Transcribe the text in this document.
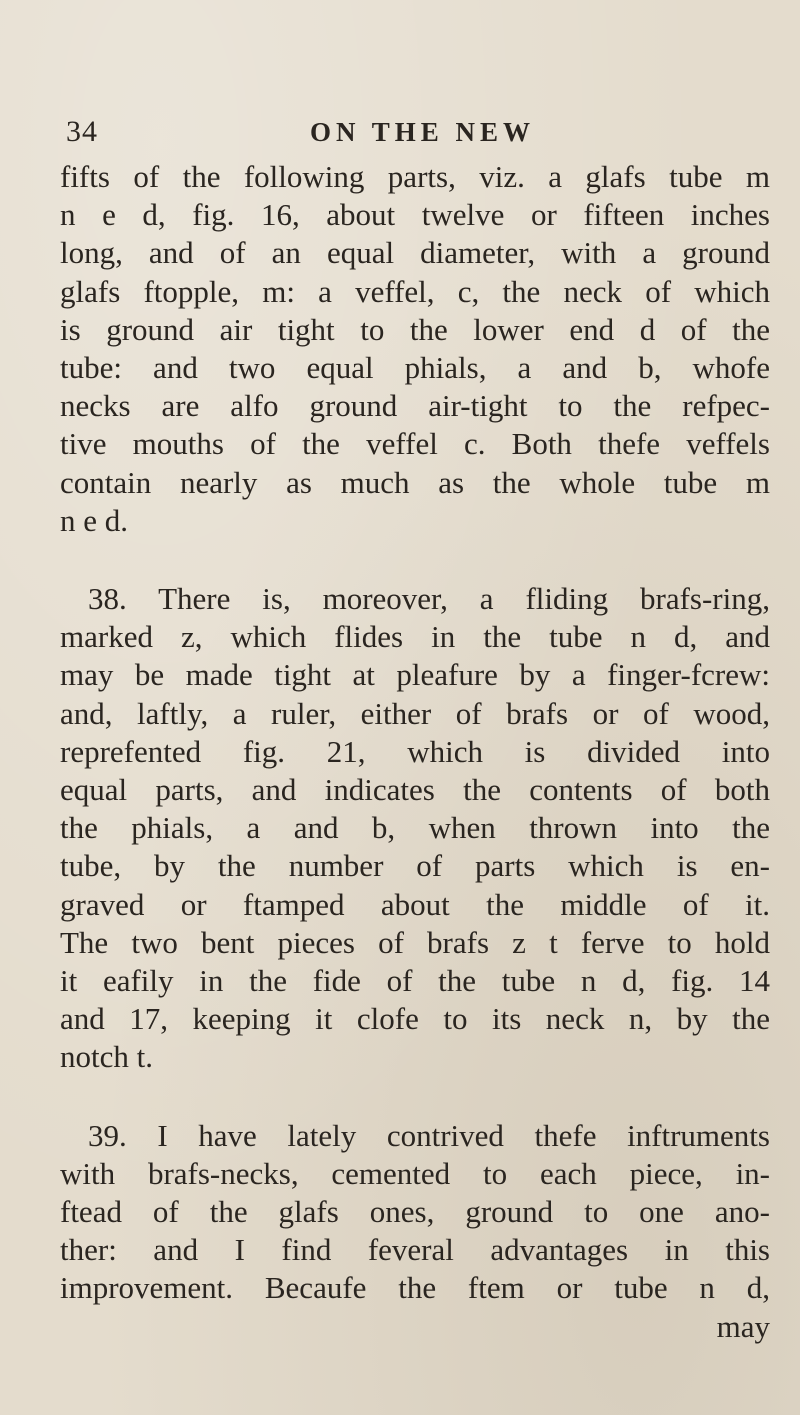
34	ON THE NEW
fifts of the following parts, viz. a glafs tube m
n e d, fig. 16, about twelve or fifteen inches
long, and of an equal diameter, with a ground
glafs ftopple, m: a veffel, c, the neck of which
is ground air tight to the lower end d of the
tube: and two equal phials, a and b, whofe
necks are alfo ground air-tight to the refpec-
tive mouths of the veffel c. Both thefe veffels
contain nearly as much as the whole tube m
n e d.
38. There is, moreover, a fliding brafs-ring,
marked z, which flides in the tube n d, and
may be made tight at pleafure by a finger-fcrew:
and, laftly, a ruler, either of brafs or of wood,
reprefented fig. 21, which is divided into
equal parts, and indicates the contents of both
the phials, a and b, when thrown into the
tube, by the number of parts which is en-
graved or ftamped about the middle of it.
The two bent pieces of brafs z t ferve to hold
it eafily in the fide of the tube n d, fig. 14
and 17, keeping it clofe to its neck n, by the
notch t.
39. I have lately contrived thefe inftruments
with brafs-necks, cemented to each piece, in-
ftead of the glafs ones, ground to one ano-
ther: and I find feveral advantages in this
improvement. Becaufe the ftem or tube n d,
may
